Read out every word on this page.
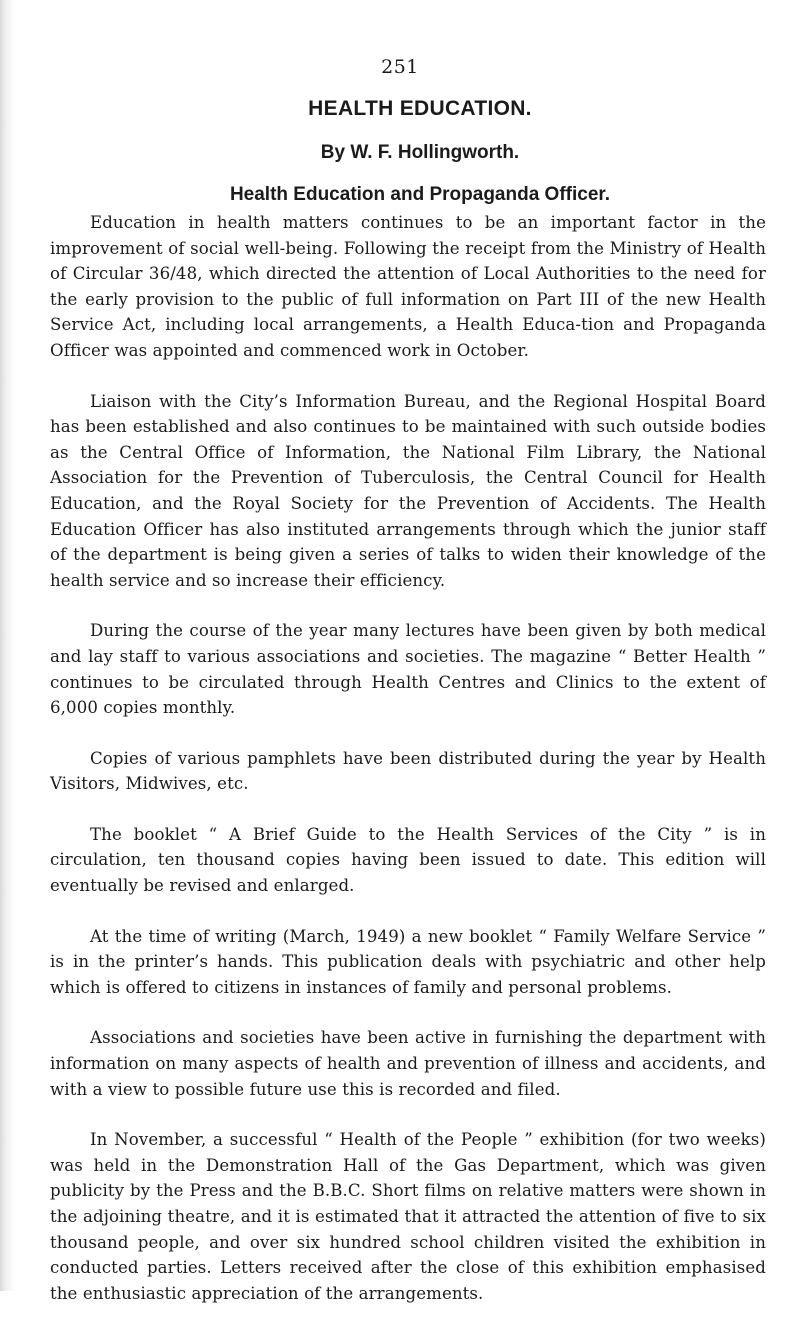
251
HEALTH EDUCATION.
By W. F. Hollingworth.
Health Education and Propaganda Officer.

Education in health matters continues to be an important factor in the improvement of social well-being. Following the receipt from the Ministry of Health of Circular 36/48, which directed the attention of Local Authorities to the need for the early provision to the public of full information on Part III of the new Health Service Act, including local arrangements, a Health Educa-tion and Propaganda Officer was appointed and commenced work in October.

Liaison with the City’s Information Bureau, and the Regional Hospital Board has been established and also continues to be maintained with such outside bodies as the Central Office of Information, the National Film Library, the National Association for the Prevention of Tuberculosis, the Central Council for Health Education, and the Royal Society for the Prevention of Accidents. The Health Education Officer has also instituted arrangements through which the junior staff of the department is being given a series of talks to widen their knowledge of the health service and so increase their efficiency.

During the course of the year many lectures have been given by both medical and lay staff to various associations and societies. The magazine “ Better Health ” continues to be circulated through Health Centres and Clinics to the extent of 6,000 copies monthly.

Copies of various pamphlets have been distributed during the year by Health Visitors, Midwives, etc.

The booklet “ A Brief Guide to the Health Services of the City ” is in circulation, ten thousand copies having been issued to date. This edition will eventually be revised and enlarged.

At the time of writing (March, 1949) a new booklet “ Family Welfare Service ” is in the printer’s hands. This publication deals with psychiatric and other help which is offered to citizens in instances of family and personal problems.

Associations and societies have been active in furnishing the department with information on many aspects of health and prevention of illness and accidents, and with a view to possible future use this is recorded and filed.

In November, a successful “ Health of the People ” exhibition (for two weeks) was held in the Demonstration Hall of the Gas Department, which was given publicity by the Press and the B.B.C. Short films on relative matters were shown in the adjoining theatre, and it is estimated that it attracted the attention of five to six thousand people, and over six hundred school children visited the exhibition in conducted parties. Letters received after the close of this exhibition emphasised the enthusiastic appreciation of the arrangements.
